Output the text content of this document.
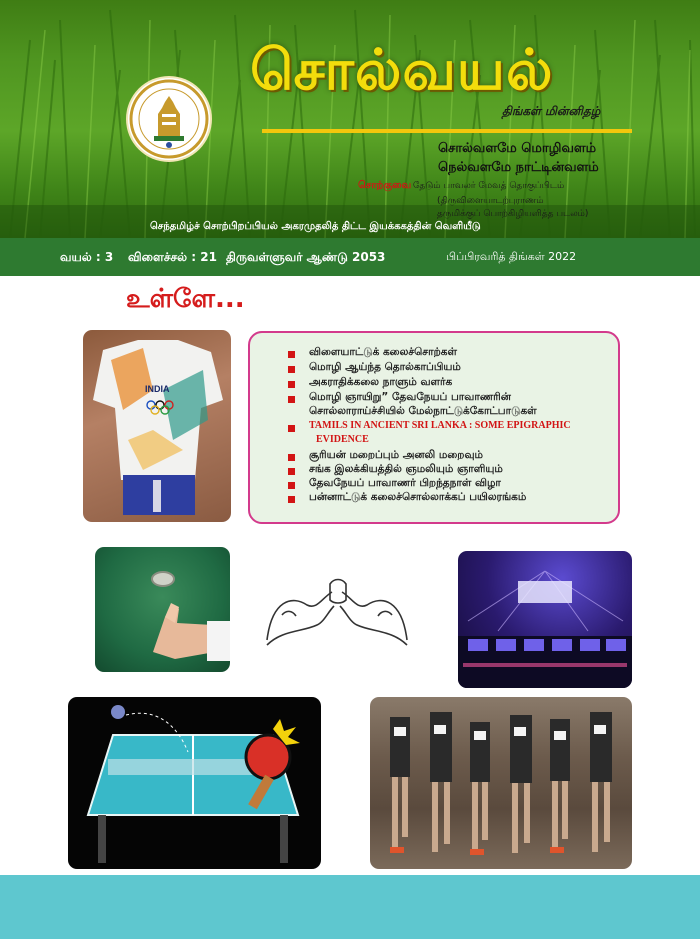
சொல்வயல்
திங்கள் மின்னிதழ்
சொல்வளமே மொழிவளம்
நெல்வளமே நாட்டின்வளம்
சொற்குவை தேடும் பாவலர் மேவத் தொகுப்பிடம்
(திருவிளையாடற்புராணம்
தருமிக்குப் பொற்கிழியளித்த படலம்)
செந்தமிழ்ச் சொற்பிறப்பியல் அகரமுதலித் திட்ட இயக்ககத்தின் வெளியீடு
வயல் : 3 விளைச்சல் : 21 திருவள்ளுவர் ஆண்டு 2053	பிப்பிரவரித் திங்கள் 2022
உள்ளே...
விளையாட்டுக் கலைச்சொற்கள்
மொழி ஆய்ந்த தொல்காப்பியம்
அகராதிக்கலை நாளும் வளர்க
மொழி ஞாயிறு” தேவநேயப் பாவாணரின்
சொல்லாராய்ச்சியில் மேல்நாட்டுக்கோட்பாடுகள்
TAMILS IN ANCIENT SRI LANKA : SOME EPIGRAPHIC
EVIDENCE
சூரியன் மறைப்பும் அனலி மறைவும்
சங்க இலக்கியத்தில் ஞமலியும் ஞாளியும்
தேவநேயப் பாவாணர் பிறந்தநாள் விழா
பன்னாட்டுக் கலைச்சொல்லாக்கப் பயிலரங்கம்
INDIA
